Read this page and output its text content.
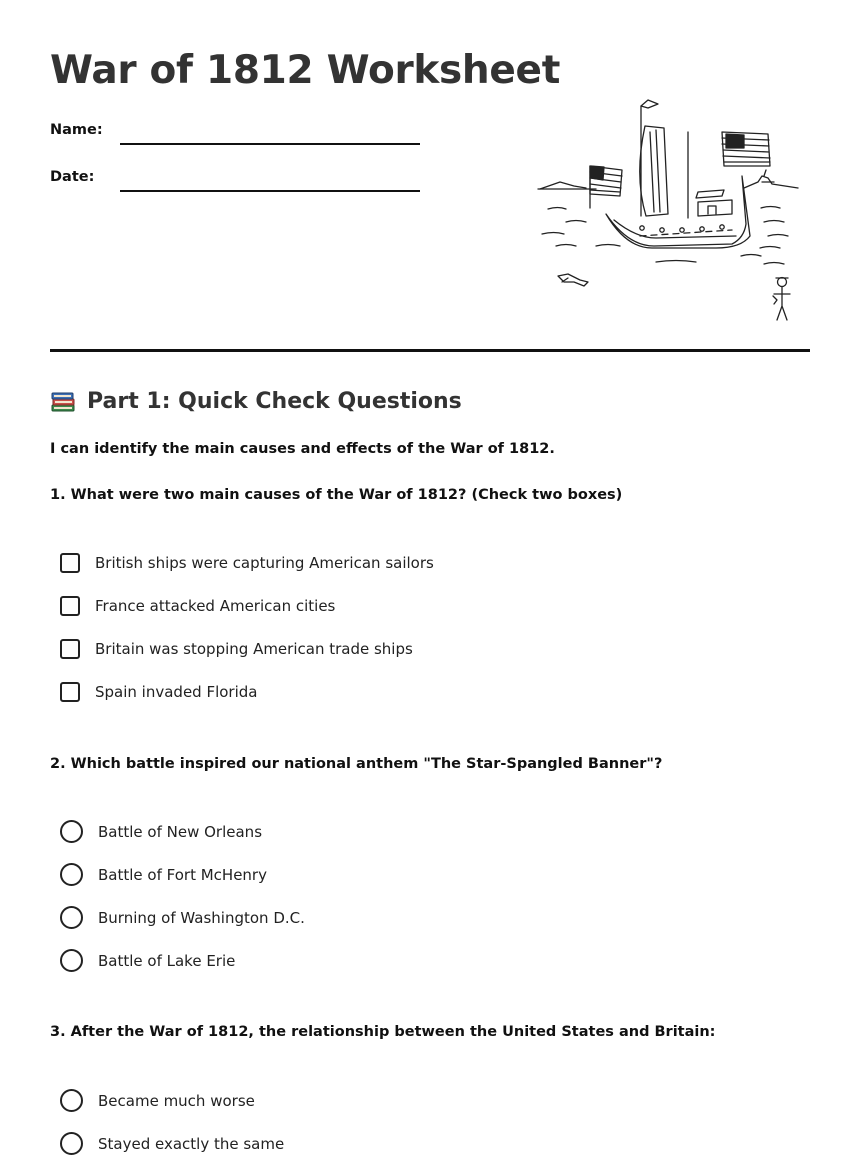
War of 1812 Worksheet
Name:
Date:
Part 1: Quick Check Questions

I can identify the main causes and effects of the War of 1812.

1. What were two main causes of the War of 1812? (Check two boxes)

British ships were capturing American sailors
France attacked American cities
Britain was stopping American trade ships
Spain invaded Florida

2. Which battle inspired our national anthem "The Star-Spangled Banner"?

Battle of New Orleans
Battle of Fort McHenry
Burning of Washington D.C.
Battle of Lake Erie

3. After the War of 1812, the relationship between the United States and Britain:

Became much worse
Stayed exactly the same
